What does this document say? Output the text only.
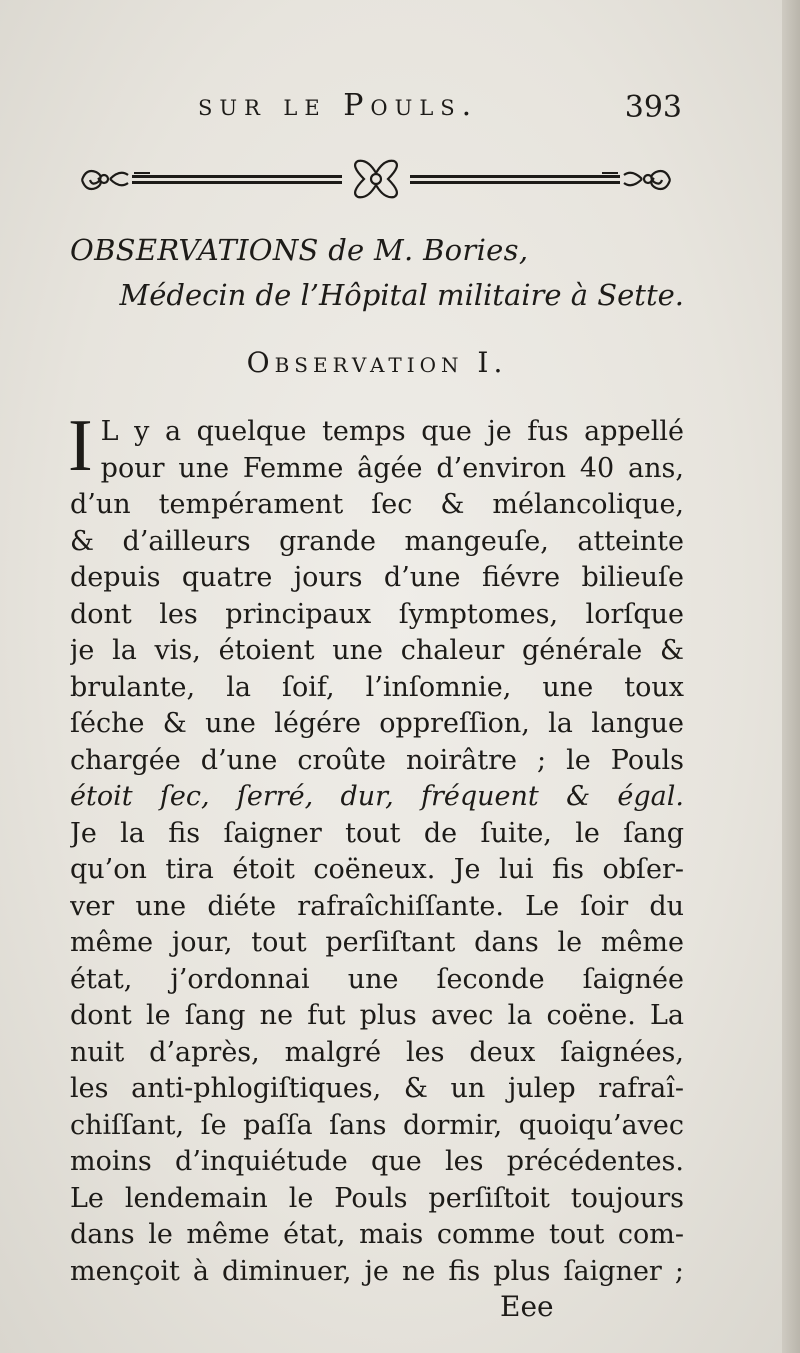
sur le Pouls.	393
OBSERVATIONS de M. Bories,
Médecin de l’Hôpital militaire à Sette.
Observation I.
I L y a quelque temps que je fus appellé
pour une Femme âgée d’environ 40 ans,
d’un tempérament ſec & mélancolique,
& d’ailleurs grande mangeuſe, atteinte
depuis quatre jours d’une fiévre bilieuſe
dont les principaux ſymptomes, lorſque
je la vis, étoient une chaleur générale &
brulante, la ſoif, l’inſomnie, une toux
ſéche & une légére oppreſſion, la langue
chargée d’une croûte noirâtre ; le Pouls
étoit ſec, ſerré, dur, fréquent & égal.
Je la fis ſaigner tout de ſuite, le ſang
qu’on tira étoit coëneux. Je lui fis obſer-
ver une diéte rafraîchiſſante. Le ſoir du
même jour, tout perſiſtant dans le même
état, j’ordonnai une ſeconde ſaignée
dont le ſang ne fut plus avec la coëne. La
nuit d’après, malgré les deux ſaignées,
les anti-phlogiſtiques, & un julep rafraî-
chiſſant, ſe paſſa ſans dormir, quoiqu’avec
moins d’inquiétude que les précédentes.
Le lendemain le Pouls perſiſtoit toujours
dans le même état, mais comme tout com-
mençoit à diminuer, je ne fis plus ſaigner ;
Eee
